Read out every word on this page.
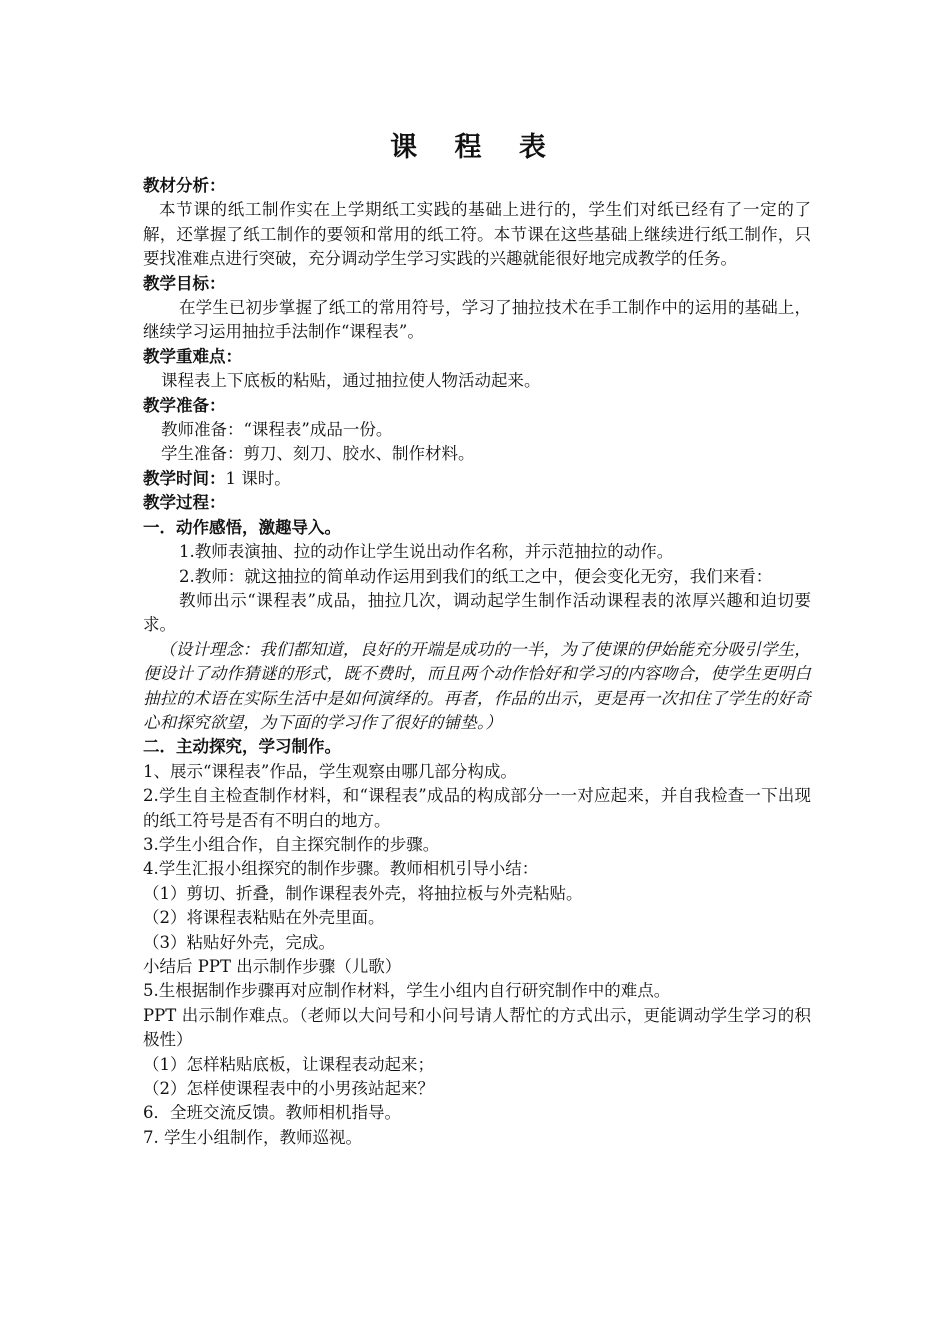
课 程 表

教材分析：

本节课的纸工制作实在上学期纸工实践的基础上进行的，学生们对纸已经有了一定的了解，还掌握了纸工制作的要领和常用的纸工符。本节课在这些基础上继续进行纸工制作，只要找准难点进行突破，充分调动学生学习实践的兴趣就能很好地完成教学的任务。

教学目标：

在学生已初步掌握了纸工的常用符号，学习了抽拉技术在手工制作中的运用的基础上，继续学习运用抽拉手法制作“课程表”。

教学重难点：

课程表上下底板的粘贴，通过抽拉使人物活动起来。

教学准备：

教师准备：“课程表”成品一份。

学生准备：剪刀、刻刀、胶水、制作材料。

教学时间：1 课时。

教学过程：

一．动作感悟，激趣导入。

1.教师表演抽、拉的动作让学生说出动作名称，并示范抽拉的动作。

2.教师：就这抽拉的简单动作运用到我们的纸工之中，便会变化无穷，我们来看：

教师出示“课程表”成品，抽拉几次，调动起学生制作活动课程表的浓厚兴趣和迫切要求。

（设计理念：我们都知道，良好的开端是成功的一半，为了使课的伊始能充分吸引学生，便设计了动作猜谜的形式，既不费时，而且两个动作恰好和学习的内容吻合，使学生更明白抽拉的术语在实际生活中是如何演绎的。再者，作品的出示，更是再一次扣住了学生的好奇心和探究欲望，为下面的学习作了很好的铺垫。）

二．主动探究，学习制作。

1、展示“课程表”作品，学生观察由哪几部分构成。

2.学生自主检查制作材料，和“课程表”成品的构成部分一一对应起来，并自我检查一下出现的纸工符号是否有不明白的地方。

3.学生小组合作，自主探究制作的步骤。

4.学生汇报小组探究的制作步骤。教师相机引导小结：

（1）剪切、折叠，制作课程表外壳，将抽拉板与外壳粘贴。

（2）将课程表粘贴在外壳里面。

（3）粘贴好外壳，完成。

小结后 PPT 出示制作步骤（儿歌）

5.生根据制作步骤再对应制作材料，学生小组内自行研究制作中的难点。

PPT 出示制作难点。（老师以大问号和小问号请人帮忙的方式出示，更能调动学生学习的积极性）

（1）怎样粘贴底板，让课程表动起来；

（2）怎样使课程表中的小男孩站起来？

6．全班交流反馈。教师相机指导。

7. 学生小组制作，教师巡视。
